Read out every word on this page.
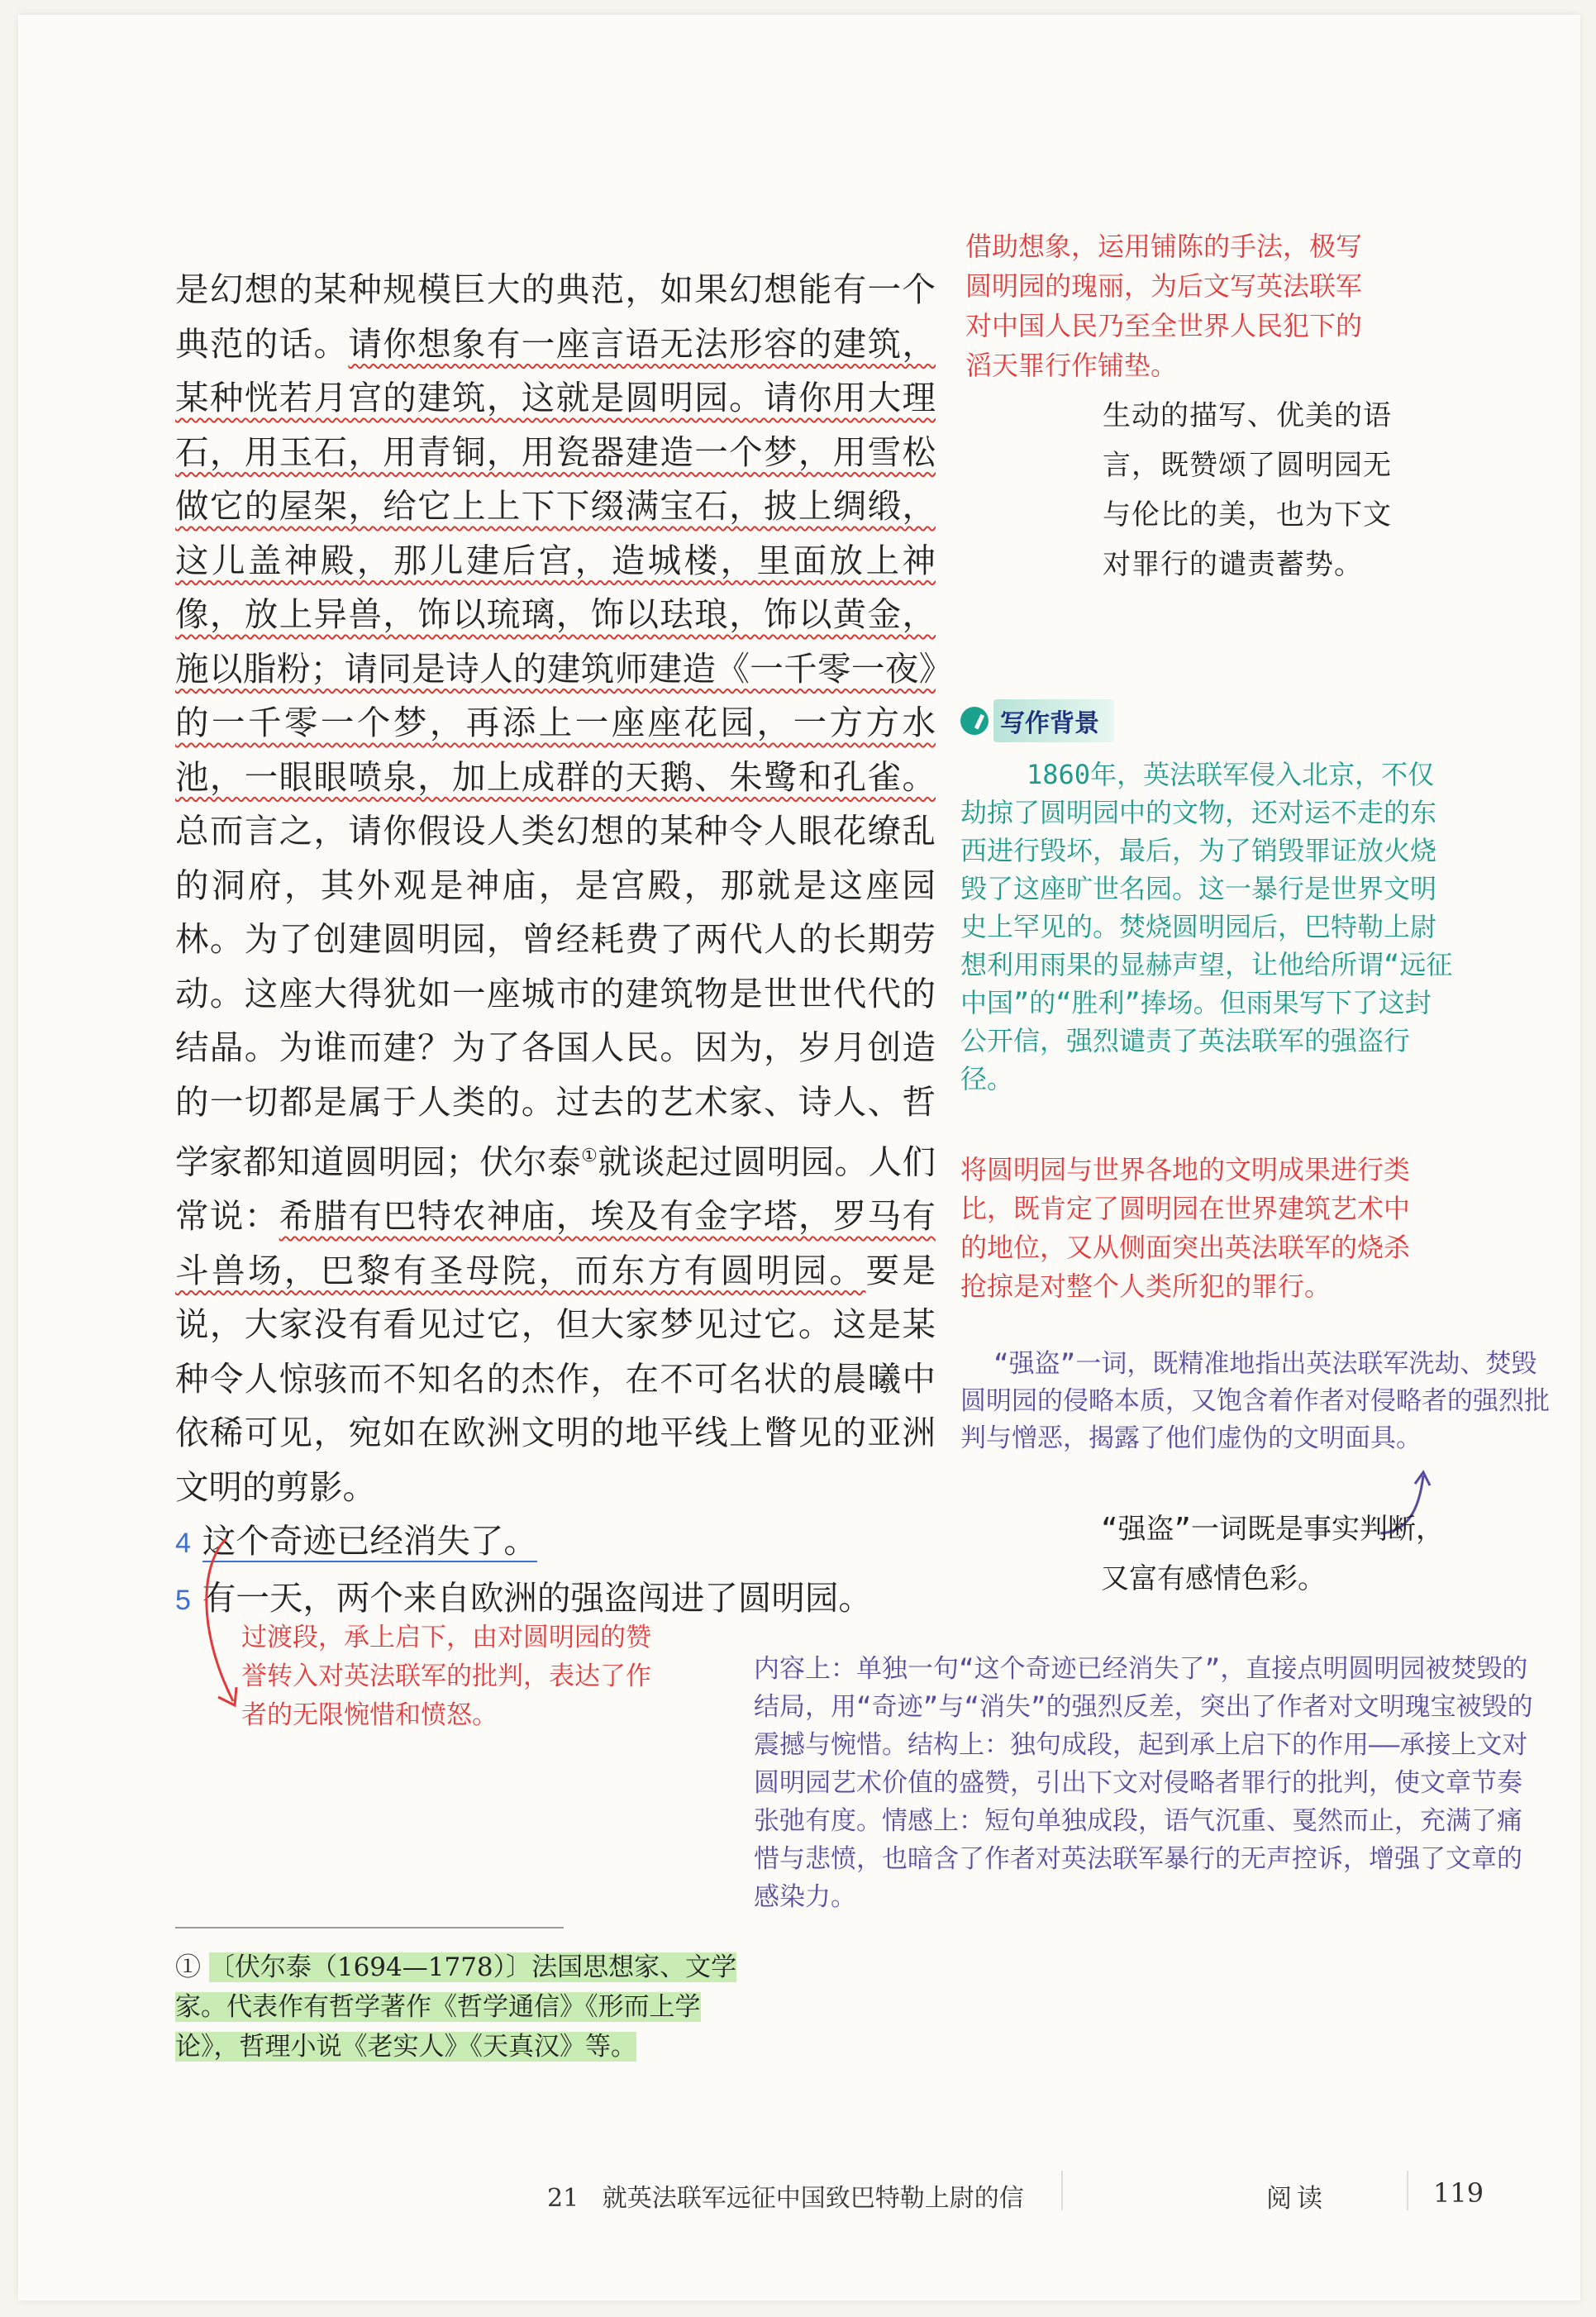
是幻想的某种规模巨大的典范，如果幻想能有一个典范的话。请你想象有一座言语无法形容的建筑，某种恍若月宫的建筑，这就是圆明园。请你用大理石，用玉石，用青铜，用瓷器建造一个梦，用雪松做它的屋架，给它上上下下缀满宝石，披上绸缎，这儿盖神殿，那儿建后宫，造城楼，里面放上神像，放上异兽，饰以琉璃，饰以珐琅，饰以黄金，施以脂粉；请同是诗人的建筑师建造《一千零一夜》的一千零一个梦，再添上一座座花园，一方方水池，一眼眼喷泉，加上成群的天鹅、朱鹭和孔雀。总而言之，请你假设人类幻想的某种令人眼花缭乱的洞府，其外观是神庙，是宫殿，那就是这座园林。为了创建圆明园，曾经耗费了两代人的长期劳动。这座大得犹如一座城市的建筑物是世世代代的结晶。为谁而建？为了各国人民。因为，岁月创造的一切都是属于人类的。过去的艺术家、诗人、哲学家都知道圆明园；伏尔泰①就谈起过圆明园。人们常说：希腊有巴特农神庙，埃及有金字塔，罗马有斗兽场，巴黎有圣母院，而东方有圆明园。要是说，大家没有看见过它，但大家梦见过它。这是某种令人惊骇而不知名的杰作，在不可名状的晨曦中依稀可见，宛如在欧洲文明的地平线上瞥见的亚洲文明的剪影。

4 这个奇迹已经消失了。

5 有一天，两个来自欧洲的强盗闯进了圆明园。

借助想象，运用铺陈的手法，极写圆明园的瑰丽，为后文写英法联军对中国人民乃至全世界人民犯下的滔天罪行作铺垫。
生动的描写、优美的语言，既赞颂了圆明园无与伦比的美，也为下文对罪行的谴责蓄势。
写作背景
1860年，英法联军侵入北京，不仅劫掠了圆明园中的文物，还对运不走的东西进行毁坏，最后，为了销毁罪证放火烧毁了这座旷世名园。这一暴行是世界文明史上罕见的。焚烧圆明园后，巴特勒上尉想利用雨果的显赫声望，让他给所谓“远征中国”的“胜利”捧场。但雨果写下了这封公开信，强烈谴责了英法联军的强盗行径。
将圆明园与世界各地的文明成果进行类比，既肯定了圆明园在世界建筑艺术中的地位，又从侧面突出英法联军的烧杀抢掠是对整个人类所犯的罪行。
“强盗”一词，既精准地指出英法联军洗劫、焚毁圆明园的侵略本质，又饱含着作者对侵略者的强烈批判与憎恶，揭露了他们虚伪的文明面具。
“强盗”一词既是事实判断，又富有感情色彩。
过渡段，承上启下，由对圆明园的赞誉转入对英法联军的批判，表达了作者的无限惋惜和愤怒。
内容上：单独一句“这个奇迹已经消失了”，直接点明圆明园被焚毁的结局，用“奇迹”与“消失”的强烈反差，突出了作者对文明瑰宝被毁的震撼与惋惜。结构上：独句成段，起到承上启下的作用——承接上文对圆明园艺术价值的盛赞，引出下文对侵略者罪行的批判，使文章节奏张弛有度。情感上：短句单独成段，语气沉重、戛然而止，充满了痛惜与悲愤，也暗含了作者对英法联军暴行的无声控诉，增强了文章的感染力。
① 〔伏尔泰（1694—1778）〕法国思想家、文学家。代表作有哲学著作《哲学通信》《形而上学论》，哲理小说《老实人》《天真汉》等。
21 就英法联军远征中国致巴特勒上尉的信	阅读	119
